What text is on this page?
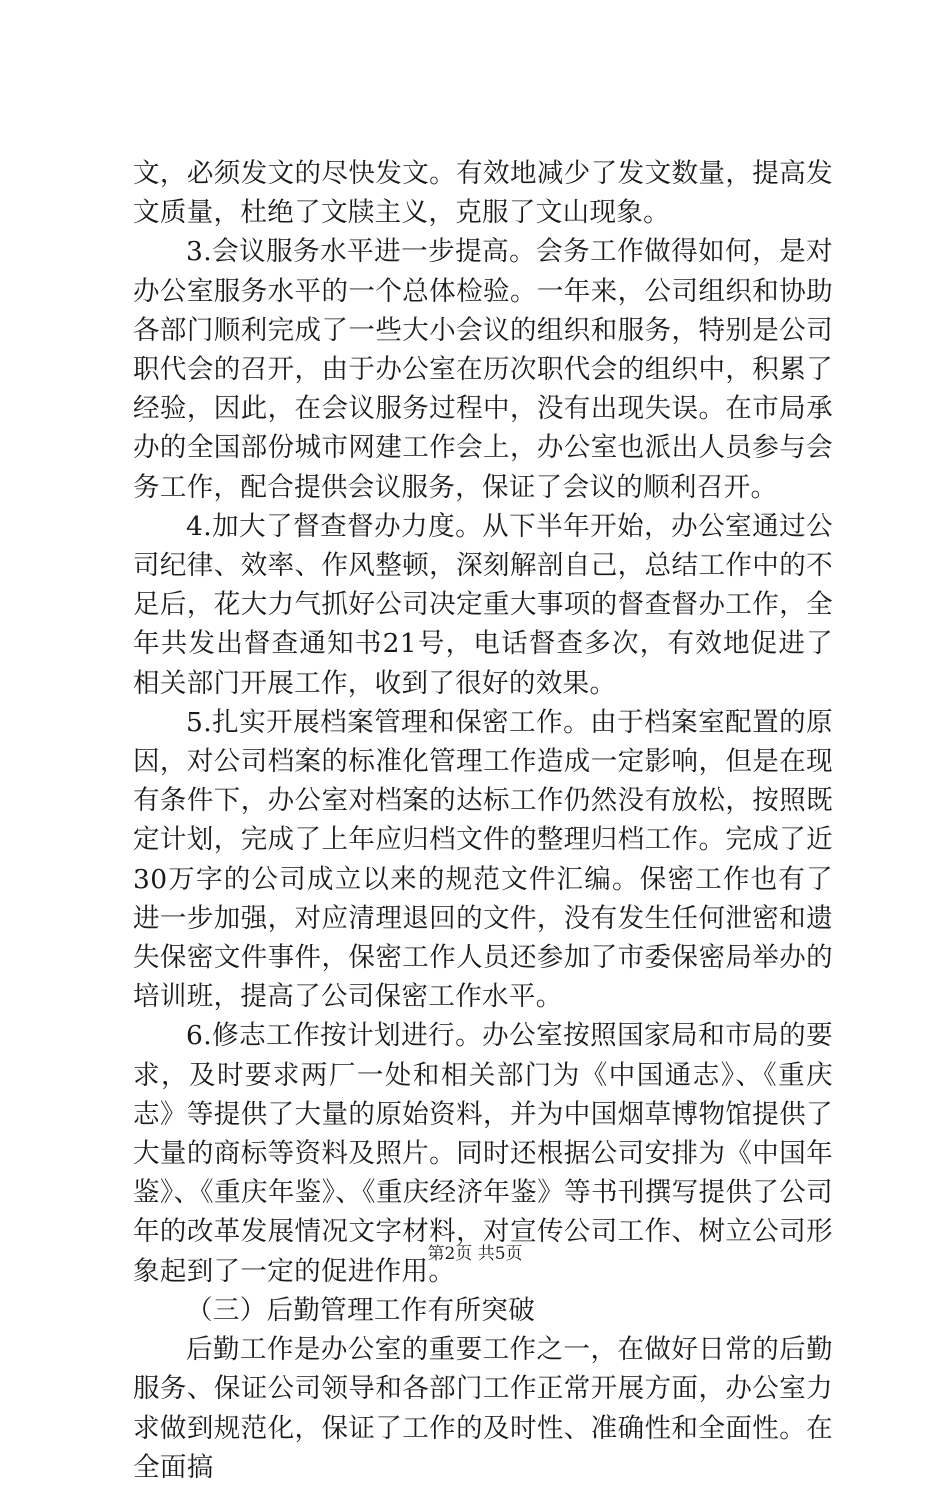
文，必须发文的尽快发文。有效地减少了发文数量，提高发文质量，杜绝了文牍主义，克服了文山现象。

3.会议服务水平进一步提高。会务工作做得如何，是对办公室服务水平的一个总体检验。一年来，公司组织和协助各部门顺利完成了一些大小会议的组织和服务，特别是公司职代会的召开，由于办公室在历次职代会的组织中，积累了经验，因此，在会议服务过程中，没有出现失误。在市局承办的全国部份城市网建工作会上，办公室也派出人员参与会务工作，配合提供会议服务，保证了会议的顺利召开。

4.加大了督查督办力度。从下半年开始，办公室通过公司纪律、效率、作风整顿，深刻解剖自己，总结工作中的不足后，花大力气抓好公司决定重大事项的督查督办工作，全年共发出督查通知书21号，电话督查多次，有效地促进了相关部门开展工作，收到了很好的效果。

5.扎实开展档案管理和保密工作。由于档案室配置的原因，对公司档案的标准化管理工作造成一定影响，但是在现有条件下，办公室对档案的达标工作仍然没有放松，按照既定计划，完成了上年应归档文件的整理归档工作。完成了近30万字的公司成立以来的规范文件汇编。保密工作也有了进一步加强，对应清理退回的文件，没有发生任何泄密和遗失保密文件事件，保密工作人员还参加了市委保密局举办的培训班，提高了公司保密工作水平。

6.修志工作按计划进行。办公室按照国家局和市局的要求，及时要求两厂一处和相关部门为《中国通志》、《重庆志》等提供了大量的原始资料，并为中国烟草博物馆提供了大量的商标等资料及照片。同时还根据公司安排为《中国年鉴》、《重庆年鉴》、《重庆经济年鉴》等书刊撰写提供了公司年的改革发展情况文字材料，对宣传公司工作、树立公司形象起到了一定的促进作用。

（三）后勤管理工作有所突破

后勤工作是办公室的重要工作之一，在做好日常的后勤服务、保证公司领导和各部门工作正常开展方面，办公室力求做到规范化，保证了工作的及时性、准确性和全面性。在全面搞

第2页 共5页
